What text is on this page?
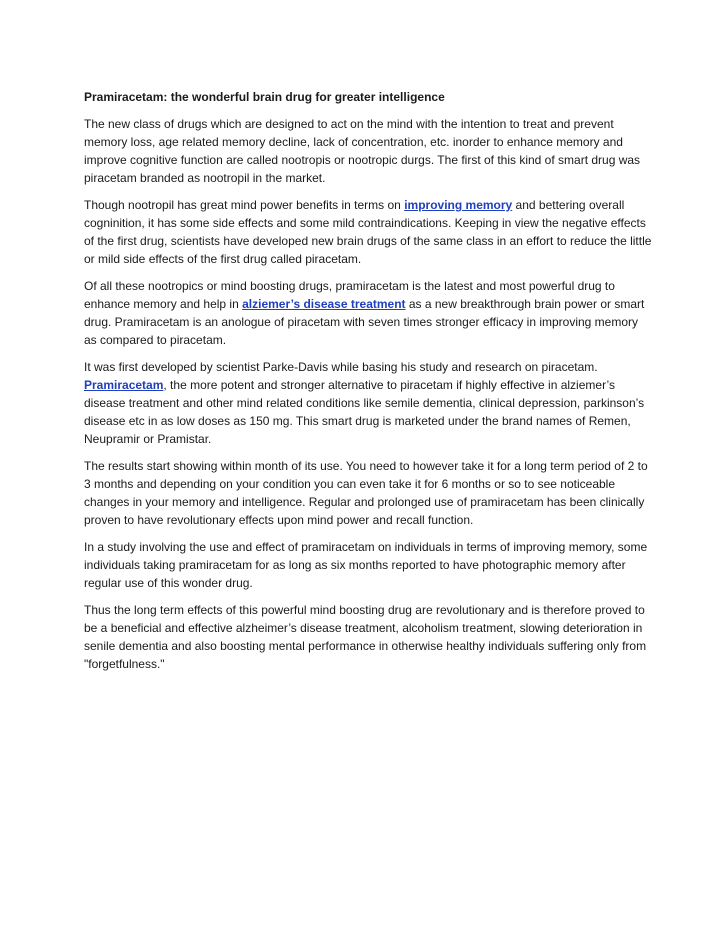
Pramiracetam: the wonderful brain drug for greater intelligence

The new class of drugs which are designed to act on the mind with the intention to treat and prevent memory loss, age related memory decline, lack of concentration, etc. inorder to enhance memory and improve cognitive function are called nootropis or nootropic durgs. The first of this kind of smart drug was piracetam branded as nootropil in the market.

Though nootropil has great mind power benefits in terms on improving memory and bettering overall cogninition, it has some side effects and some mild contraindications. Keeping in view the negative effects of the first drug, scientists have developed new brain drugs of the same class in an effort to reduce the little or mild side effects of the first drug called piracetam.

Of all these nootropics or mind boosting drugs, pramiracetam is the latest and most powerful drug to enhance memory and help in alziemer’s disease treatment as a new breakthrough brain power or smart drug. Pramiracetam is an anologue of piracetam with seven times stronger efficacy in improving memory as compared to piracetam.

It was first developed by scientist Parke-Davis while basing his study and research on piracetam. Pramiracetam, the more potent and stronger alternative to piracetam if highly effective in alziemer’s disease treatment and other mind related conditions like semile dementia, clinical depression, parkinson’s disease etc in as low doses as 150 mg. This smart drug is marketed under the brand names of Remen, Neupramir or Pramistar.

The results start showing within month of its use. You need to however take it for a long term period of 2 to 3 months and depending on your condition you can even take it for 6 months or so to see noticeable changes in your memory and intelligence. Regular and prolonged use of pramiracetam has been clinically proven to have revolutionary effects upon mind power and recall function.

In a study involving the use and effect of pramiracetam on individuals in terms of improving memory, some individuals taking pramiracetam for as long as six months reported to have photographic memory after regular use of this wonder drug.

Thus the long term effects of this powerful mind boosting drug are revolutionary and is therefore proved to be a beneficial and effective alzheimer’s disease treatment, alcoholism treatment, slowing deterioration in senile dementia and also boosting mental performance in otherwise healthy individuals suffering only from "forgetfulness."
